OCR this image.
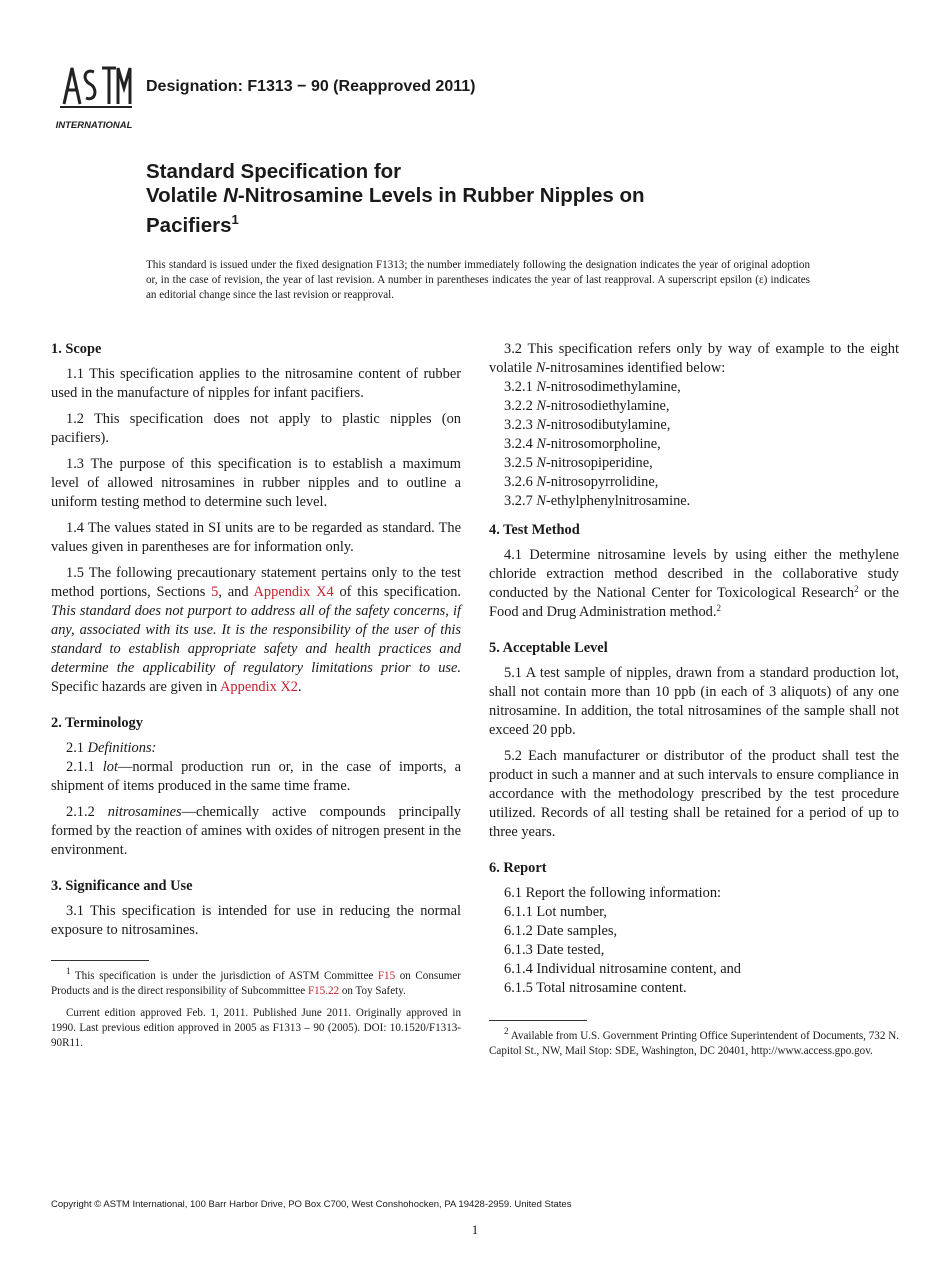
INTERNATIONAL
Designation: F1313 − 90 (Reapproved 2011)
Standard Specification for
Volatile N-Nitrosamine Levels in Rubber Nipples on
Pacifiers$^1$
This standard is issued under the fixed designation F1313; the number immediately following the designation indicates the year of original adoption or, in the case of revision, the year of last revision. A number in parentheses indicates the year of last reapproval. A superscript epsilon (ε) indicates an editorial change since the last revision or reapproval.
1. Scope

1.1 This specification applies to the nitrosamine content of rubber used in the manufacture of nipples for infant pacifiers.

1.2 This specification does not apply to plastic nipples (on pacifiers).

1.3 The purpose of this specification is to establish a maximum level of allowed nitrosamines in rubber nipples and to outline a uniform testing method to determine such level.

1.4 The values stated in SI units are to be regarded as standard. The values given in parentheses are for information only.

1.5 The following precautionary statement pertains only to the test method portions, Sections 5, and Appendix X4 of this specification. This standard does not purport to address all of the safety concerns, if any, associated with its use. It is the responsibility of the user of this standard to establish appropriate safety and health practices and determine the applicability of regulatory limitations prior to use. Specific hazards are given in Appendix X2.

2. Terminology

2.1 Definitions:

2.1.1 lot—normal production run or, in the case of imports, a shipment of items produced in the same time frame.

2.1.2 nitrosamines—chemically active compounds principally formed by the reaction of amines with oxides of nitrogen present in the environment.

3. Significance and Use

3.1 This specification is intended for use in reducing the normal exposure to nitrosamines.

$^1$ This specification is under the jurisdiction of ASTM Committee F15 on Consumer Products and is the direct responsibility of Subcommittee F15.22 on Toy Safety.

Current edition approved Feb. 1, 2011. Published June 2011. Originally approved in 1990. Last previous edition approved in 2005 as F1313 – 90 (2005). DOI: 10.1520/F1313-90R11.

3.2 This specification refers only by way of example to the eight volatile N-nitrosamines identified below:

3.2.1 N-nitrosodimethylamine,
3.2.2 N-nitrosodiethylamine,
3.2.3 N-nitrosodibutylamine,
3.2.4 N-nitrosomorpholine,
3.2.5 N-nitrosopiperidine,
3.2.6 N-nitrosopyrrolidine,
3.2.7 N-ethylphenylnitrosamine.
4. Test Method

4.1 Determine nitrosamine levels by using either the methylene chloride extraction method described in the collaborative study conducted by the National Center for Toxicological Research$^2$ or the Food and Drug Administration method.$^2$

5. Acceptable Level

5.1 A test sample of nipples, drawn from a standard production lot, shall not contain more than 10 ppb (in each of 3 aliquots) of any one nitrosamine. In addition, the total nitrosamines of the sample shall not exceed 20 ppb.

5.2 Each manufacturer or distributor of the product shall test the product in such a manner and at such intervals to ensure compliance in accordance with the methodology prescribed by the test procedure utilized. Records of all testing shall be retained for a period of up to three years.

6. Report
6.1 Report the following information:
6.1.1 Lot number,
6.1.2 Date samples,
6.1.3 Date tested,
6.1.4 Individual nitrosamine content, and
6.1.5 Total nitrosamine content.

$^2$ Available from U.S. Government Printing Office Superintendent of Documents, 732 N. Capitol St., NW, Mail Stop: SDE, Washington, DC 20401, http://www.access.gpo.gov.

Copyright © ASTM International, 100 Barr Harbor Drive, PO Box C700, West Conshohocken, PA 19428-2959. United States
1
